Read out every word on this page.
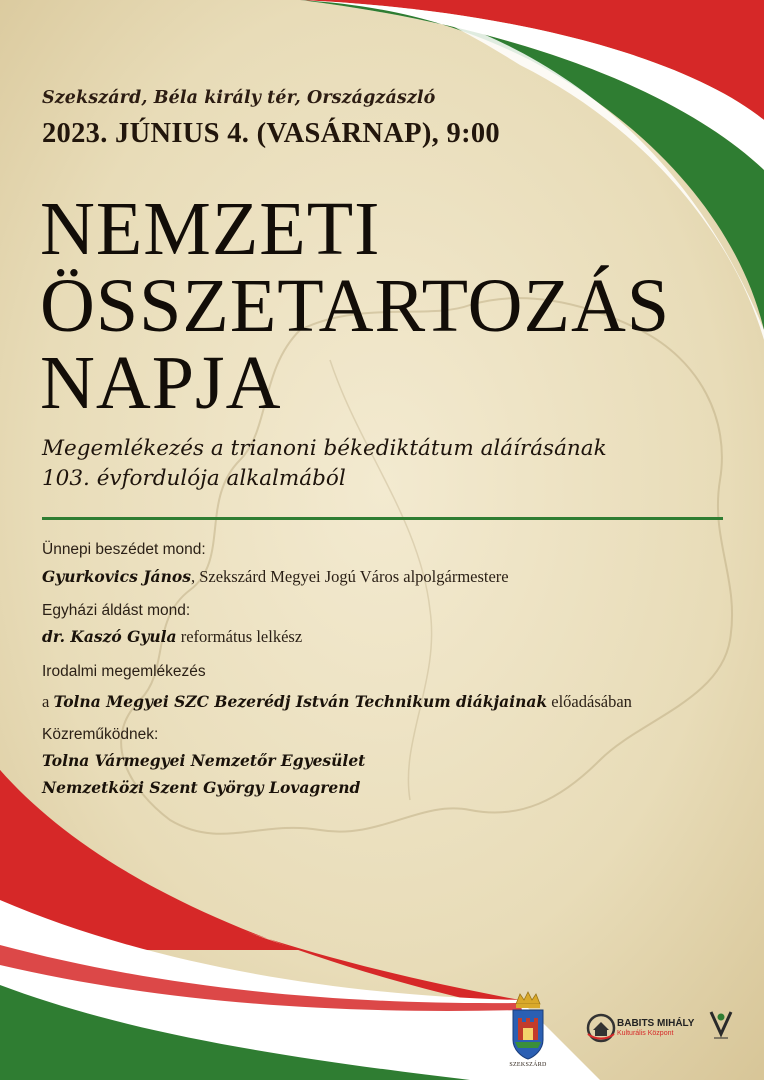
Szekszárd, Béla király tér, Országzászló
2023. JÚNIUS 4. (VASÁRNAP), 9:00
NEMZETI
ÖSSZETARTOZÁS
NAPJA
Megemlékezés a trianoni békediktátum aláírásának
103. évfordulója alkalmából
Ünnepi beszédet mond:
Gyurkovics János, Szekszárd Megyei Jogú Város alpolgármestere
Egyházi áldást mond:
dr. Kaszó Gyula református lelkész
Irodalmi megemlékezés
a Tolna Megyei SZC Bezerédj István Technikum diákjainak előadásában
Közreműködnek:
Tolna Vármegyei Nemzetőr Egyesület
Nemzetközi Szent György Lovagrend
SZEKSZÁRD
BABITS MIHÁLY
Kulturális Központ
